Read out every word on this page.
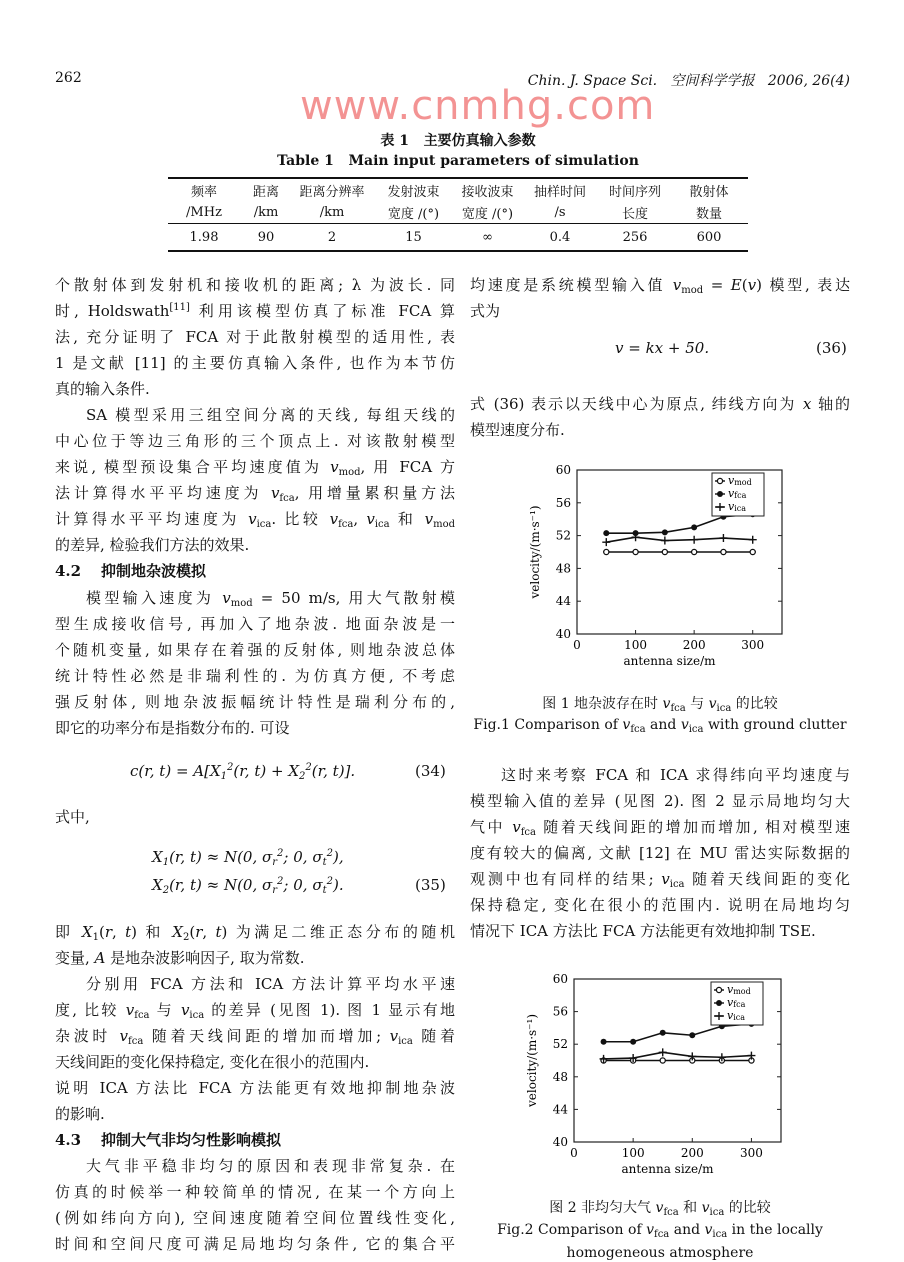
262	Chin. J. Space Sci.   空间科学学报   2006, 26(4)
表 1   主要仿真输入参数
Table 1   Main input parameters of simulation
频率	距离	距离分辨率	发射波束	接收波束	抽样时间	时间序列	散射体
/MHz	/km	/km	宽度 /(°)	宽度 /(°)	/s	长度	数量
1.98	90	2	15	∞	0.4	256	600
个散射体到发射机和接收机的距离; λ 为波长. 同
时, Holdswath[11] 利用该模型仿真了标准 FCA 算
法, 充分证明了 FCA 对于此散射模型的适用性, 表
1 是文献 [11] 的主要仿真输入条件, 也作为本节仿
真的输入条件.
SA 模型采用三组空间分离的天线, 每组天线的
中心位于等边三角形的三个顶点上. 对该散射模型
来说, 模型预设集合平均速度值为 $v_{mod}$, 用 FCA 方
法计算得水平平均速度为 $v_{fca}$, 用增量累积量方法
计算得水平平均速度为 $v_{ica}$. 比较 $v_{fca}$, $v_{ica}$ 和 $v_{mod}$
的差异, 检验我们方法的效果.
4.2 抑制地杂波模拟
模型输入速度为 $v_{mod} = 50$ m/s, 用大气散射模
型生成接收信号, 再加入了地杂波. 地面杂波是一
个随机变量, 如果存在着强的反射体, 则地杂波总体
统计特性必然是非瑞利性的. 为仿真方便, 不考虑
强反射体, 则地杂波振幅统计特性是瑞利分布的,
即它的功率分布是指数分布的. 可设
c(r, $t) = A[X_1^2(r$, $t) + X_2^2(r$, t)].	(34)
式中,
$X_1(r$, t) ≈ N(0, $\sigma_r^2$; 0, $\sigma_t^2$),
$X_2(r$, t) ≈ N(0, $\sigma_r^2$; 0, $\sigma_t^2$).	(35)
即 $X_1(r$, t) 和 $X_2(r$, t) 为满足二维正态分布的随机
变量, A 是地杂波影响因子, 取为常数.
分别用 FCA 方法和 ICA 方法计算平均水平速
度, 比较 $v_{fca}$ 与 $v_{ica}$ 的差异 (见图 1). 图 1 显示有地
杂波时 $v_{fca}$ 随着天线间距的增加而增加; $v_{ica}$ 随着
天线间距的变化保持稳定, 变化在很小的范围内.
说明 ICA 方法比 FCA 方法能更有效地抑制地杂波
的影响.
4.3 抑制大气非均匀性影响模拟
大气非平稳非均匀的原因和表现非常复杂. 在
仿真的时候举一种较简单的情况, 在某一个方向上
(例如纬向方向), 空间速度随着空间位置线性变化,
时间和空间尺度可满足局地均匀条件, 它的集合平
均速度是系统模型输入值 $v_{mod} = E(v)$ 模型, 表达
式为
v = kx + 50.	(36)
式 (36) 表示以天线中心为原点, 纬线方向为 x 轴的
模型速度分布.
40
44
48
52
56
60
0	100	200	300
antenna size/m
velocity/(m·s⁻¹)
vmod
vfca
vica
图 1 地杂波存在时 $v_{fca}$ 与 $v_{ica}$ 的比较
Fig.1 Comparison of $v_{fca}$ and $v_{ica}$ with ground clutter
这时来考察 FCA 和 ICA 求得纬向平均速度与
模型输入值的差异 (见图 2). 图 2 显示局地均匀大
气中 $v_{fca}$ 随着天线间距的增加而增加, 相对模型速
度有较大的偏离, 文献 [12] 在 MU 雷达实际数据的
观测中也有同样的结果; $v_{ica}$ 随着天线间距的变化
保持稳定, 变化在很小的范围内. 说明在局地均匀
情况下 ICA 方法比 FCA 方法能更有效地抑制 TSE.
40
44
48
52
56
60
0	100	200	300
antenna size/m
velocity/(m·s⁻¹)
vmod
vfca
vica
图 2 非均匀大气 $v_{fca}$ 和 $v_{ica}$ 的比较
Fig.2 Comparison of $v_{fca}$ and $v_{ica}$ in the locally
homogeneous atmosphere
www.cnmhg.com
